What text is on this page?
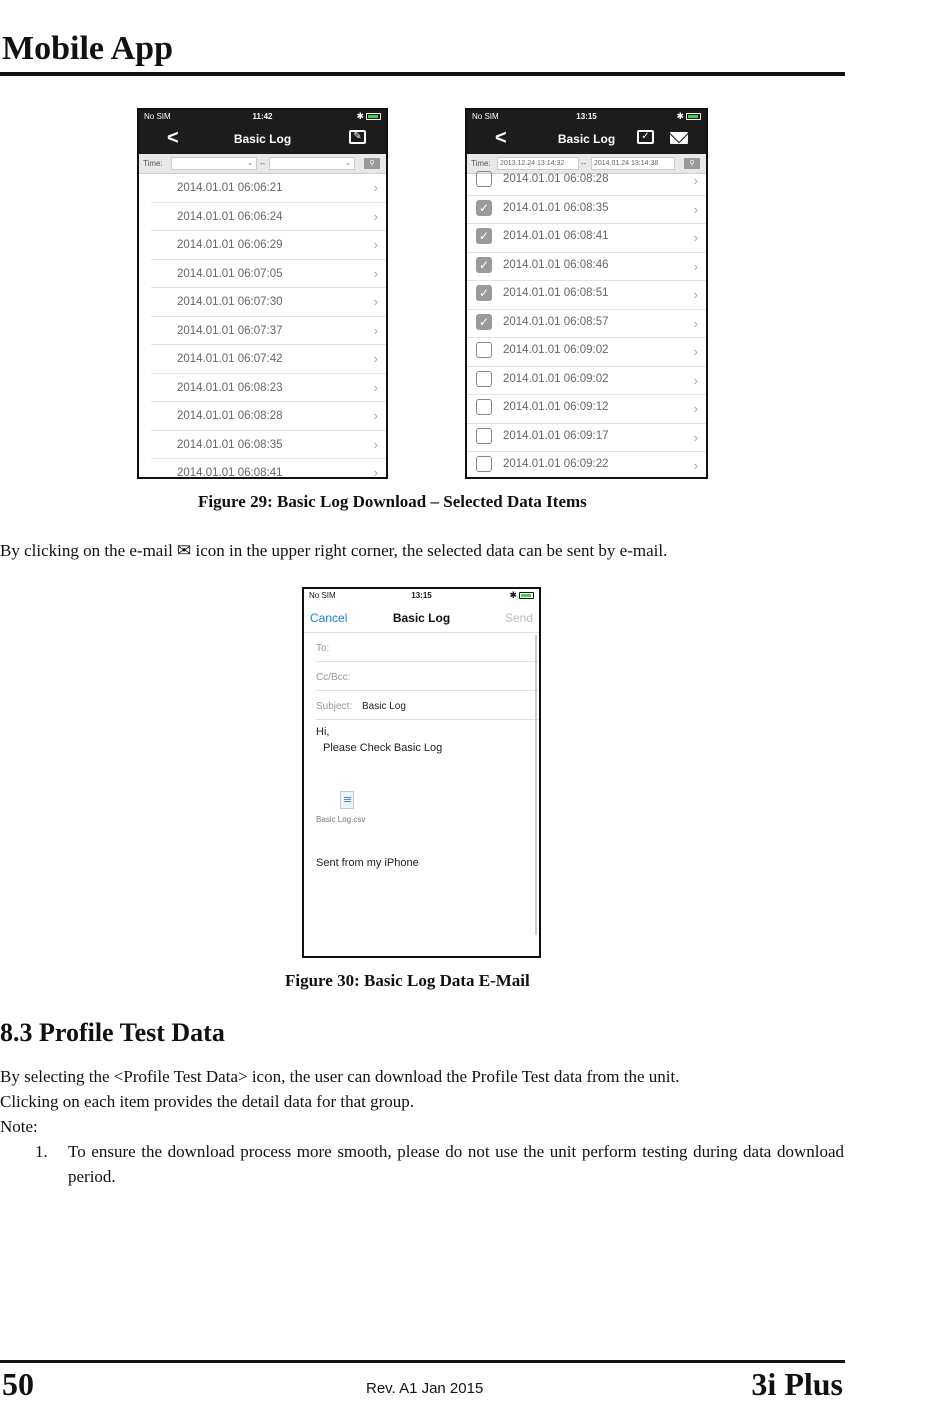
Mobile App
No SIM	11:42	✱
<	Basic Log	✎
Time:	⌄ --	⌄	⚲
2014.01.01 06:06:21	›
2014.01.01 06:06:24	›
2014.01.01 06:06:29	›
2014.01.01 06:07:05	›
2014.01.01 06:07:30	›
2014.01.01 06:07:37	›
2014.01.01 06:07:42	›
2014.01.01 06:08:23	›
2014.01.01 06:08:28	›
2014.01.01 06:08:35	›
2014.01.01 06:08:41	›
No SIM	13:15	✱
<	Basic Log	✓
Time:	2013.12.24 13:14:32	--	2014.01.24 13:14:38	⚲
2014.01.01 06:08:28	›
✓ 2014.01.01 06:08:35	›
✓ 2014.01.01 06:08:41	›
✓ 2014.01.01 06:08:46	›
✓ 2014.01.01 06:08:51	›
✓ 2014.01.01 06:08:57	›
2014.01.01 06:09:02	›
2014.01.01 06:09:02	›
2014.01.01 06:09:12	›
2014.01.01 06:09:17	›
2014.01.01 06:09:22	›
Figure 29: Basic Log Download – Selected Data Items
By clicking on the e-mail ✉ icon in the upper right corner, the selected data can be sent by e-mail.
No SIM	13:15	✱
Cancel	Basic Log	Send
To:
Cc/Bcc:
Subject: Basic Log
Hi,
Please Check Basic Log
Basic Log.csv
Sent from my iPhone
Figure 30: Basic Log Data E-Mail
8.3 Profile Test Data
By selecting the <Profile Test Data> icon, the user can download the Profile Test data from the unit.
Clicking on each item provides the detail data for that group.
Note:
1. To ensure the download process more smooth, please do not use the unit perform testing during data download period.
50	Rev. A1 Jan 2015	3i Plus
